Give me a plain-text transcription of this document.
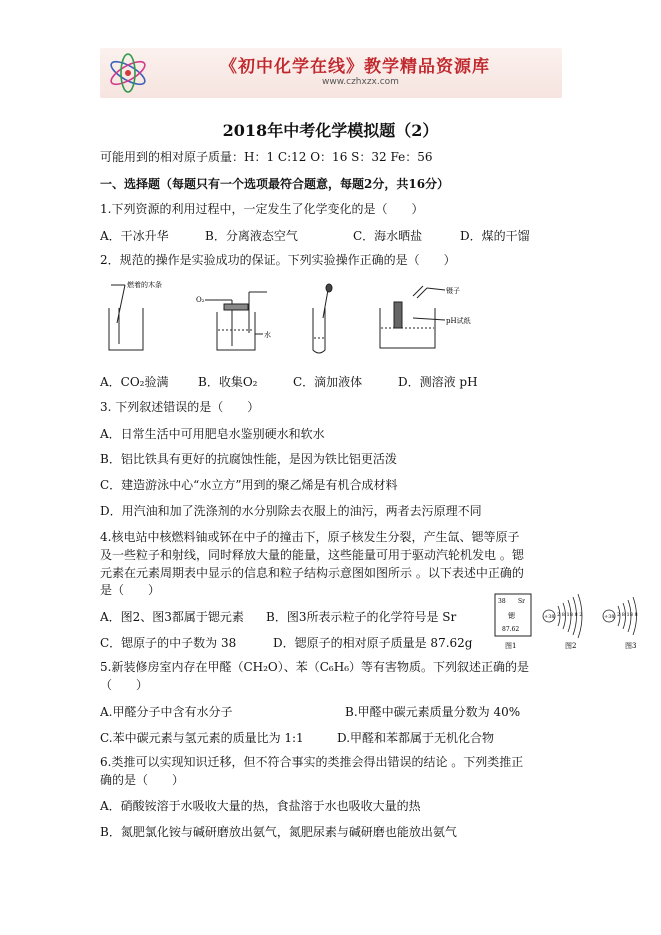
《初中化学在线》教学精品资源库
www.czhxzx.com
2018年中考化学模拟题（2）
可能用到的相对原子质量：H：1 C:12 O：16 S：32 Fe：56
一、选择题（每题只有一个选项最符合题意，每题2分，共16分）
1.下列资源的利用过程中，一定发生了化学变化的是（　　）
A．干冰升华	B．分离液态空气	C．海水晒盐	D．煤的干馏
2．规范的操作是实验成功的保证。下列实验操作正确的是（　　）
燃着的木条
O₂
水
镊子
pH试纸
A．CO₂验满 B．收集O₂	C．滴加液体	D．测溶液 pH
3. 下列叙述错误的是（　　）
A．日常生活中可用肥皂水鉴别硬水和软水
B．铝比铁具有更好的抗腐蚀性能，是因为铁比铝更活泼
C．建造游泳中心“水立方”用到的聚乙烯是有机合成材料
D．用汽油和加了洗涤剂的水分别除去衣服上的油污，两者去污原理不同
4.核电站中核燃料铀或钚在中子的撞击下，原子核发生分裂，产生氙、锶等原子
及一些粒子和射线，同时释放大量的能量，这些能量可用于驱动汽轮机发电 。锶
元素在元素周期表中显示的信息和粒子结构示意图如图所示 。以下表述中正确的
是（　　）
A．图2、图3都属于锶元素 B．图3所表示粒子的化学符号是 Sr
C．锶原子的中子数为 38	D．锶原子的相对原子质量是 87.62g
38 Sr
锶
87.62
图1
+38 2 8 18 8 2
图2
+38 2 8 18 8
图3
5.新装修房室内存在甲醛（CH₂O）、苯（C₆H₆）等有害物质。下列叙述正确的是
（　　）
A.甲醛分子中含有水分子	B.甲醛中碳元素质量分数为 40%
C.苯中碳元素与氢元素的质量比为 1:1	D.甲醛和苯都属于无机化合物
6.类推可以实现知识迁移，但不符合事实的类推会得出错误的结论 。下列类推正
确的是（　　）
A．硝酸铵溶于水吸收大量的热，食盐溶于水也吸收大量的热
B．氮肥氯化铵与碱研磨放出氨气，氮肥尿素与碱研磨也能放出氨气
